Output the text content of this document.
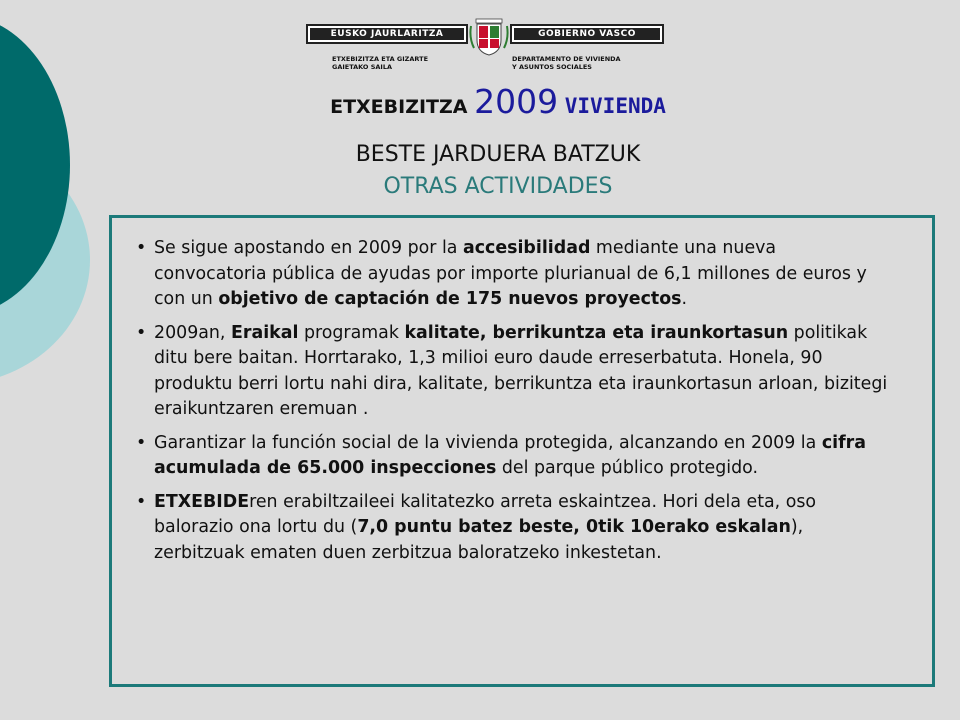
EUSKO JAURLARITZA	GOBIERNO VASCO
ETXEBIZITZA ETA GIZARTE
GAIETAKO SAILA
DEPARTAMENTO DE VIVIENDA
Y ASUNTOS SOCIALES
ETXEBIZITZA 2009 VIVIENDA
BESTE JARDUERA BATZUK
OTRAS ACTIVIDADES
• Se sigue apostando en 2009 por la accesibilidad mediante una nueva convocatoria pública de ayudas por importe plurianual de 6,1 millones de euros y con un objetivo de captación de 175 nuevos proyectos.
• 2009an, Eraikal programak kalitate, berrikuntza eta iraunkortasun politikak ditu bere baitan. Horrtarako, 1,3 milioi euro daude erreserbatuta. Honela, 90 produktu berri lortu nahi dira, kalitate, berrikuntza eta iraunkortasun arloan, bizitegi eraikuntzaren eremuan .
• Garantizar la función social de la vivienda protegida, alcanzando en 2009 la cifra acumulada de 65.000 inspecciones del parque público protegido.
• ETXEBIDEren erabiltzaileei kalitatezko arreta eskaintzea. Hori dela eta, oso balorazio ona lortu du (7,0 puntu batez beste, 0tik 10erako eskalan), zerbitzuak ematen duen zerbitzua baloratzeko inkestetan.
